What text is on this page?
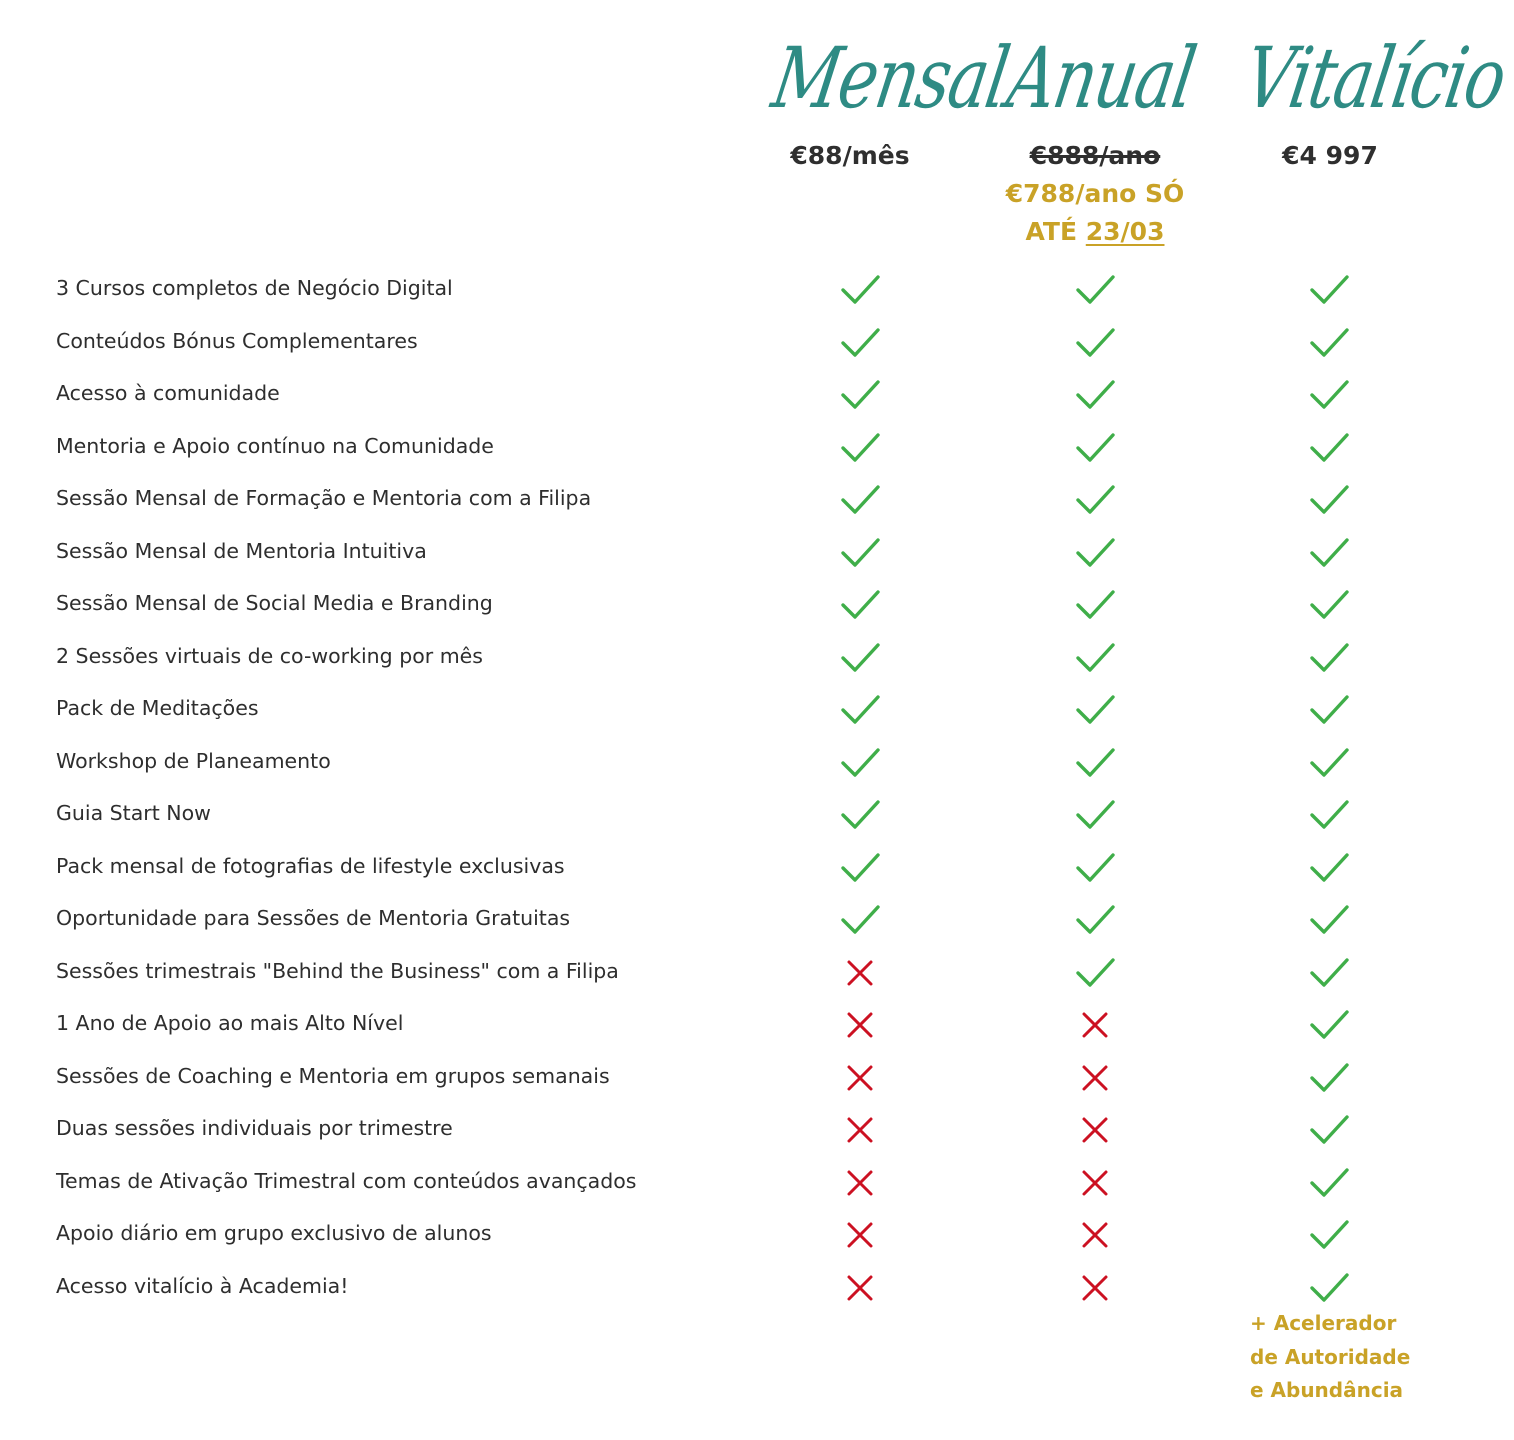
Mensal
Anual Vitalício
€88/mês	€888/ano
€788/ano SÓ
ATÉ 23/03
€4 997
3 Cursos completos de Negócio Digital
Conteúdos Bónus Complementares
Acesso à comunidade
Mentoria e Apoio contínuo na Comunidade
Sessão Mensal de Formação e Mentoria com a Filipa
Sessão Mensal de Mentoria Intuitiva
Sessão Mensal de Social Media e Branding
2 Sessões virtuais de co-working por mês
Pack de Meditações
Workshop de Planeamento
Guia Start Now
Pack mensal de fotografias de lifestyle exclusivas
Oportunidade para Sessões de Mentoria Gratuitas
Sessões trimestrais "Behind the Business" com a Filipa
1 Ano de Apoio ao mais Alto Nível
Sessões de Coaching e Mentoria em grupos semanais
Duas sessões individuais por trimestre
Temas de Ativação Trimestral com conteúdos avançados
Apoio diário em grupo exclusivo de alunos
Acesso vitalício à Academia!
+ Acelerador
de Autoridade
e Abundância
